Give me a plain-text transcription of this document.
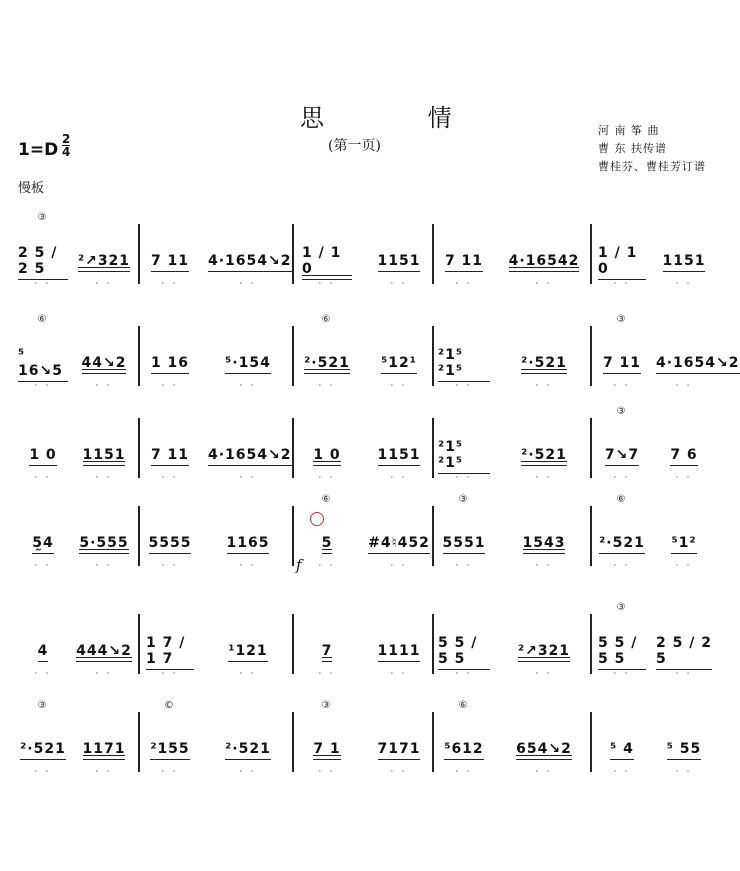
思 情
(第一页)
河 南 筝 曲
曹 东 扶传谱
曹桂芬、曹桂芳订谱
$1=D \frac{2}{4}$
慢板
f
2 5 / 2 5
③
· ·
²↗321
· ·
7 11
· ·
4·1654↘2
· ·
1 / 1 0
· ·
1151
· ·
7 11
· ·
4·16542
· ·
1 / 1 0
· ·
1151
· ·
⁵ 16↘5
⑥
· ·
44↘2
· ·
1 16
· ·
⁵·154
· ·
²·521
⑥
· ·
⁵12¹
· ·
²1⁵ ²1⁵
· ·
²·521
· ·
7 11
③
· ·
4·1654↘2
· ·
1 0
· ·
1151
· ·
7 11
· ·
4·1654↘2
· ·
1 0
· ·
1151
· ·
²1⁵ ²1⁵
· ·
²·521
· ·
7↘7
③
· ·
7 6
· ·
5̰4
· ·
5·555
· ·
5555
· ·
1165
· ·
5
⑥
· ·
#4♮452
· ·
5551
③
· ·
1543
· ·
²·521
⑥
· ·
⁵1²
· ·
4
· ·
444↘2
· ·
1 7 / 1 7
· ·
¹121
· ·
7
· ·
1111
· ·
5 5 / 5 5
· ·
²↗321
· ·
5 5 / 5 5
③
· ·
2 5 / 2 5
· ·
²·521
③
· ·
1171
· ·
²155
©
· ·
²·521
· ·
7 1
③
· ·
7171
· ·
⁵612
⑥
· ·
654↘2
· ·
⁵ 4
· ·
⁵ 55
· ·
